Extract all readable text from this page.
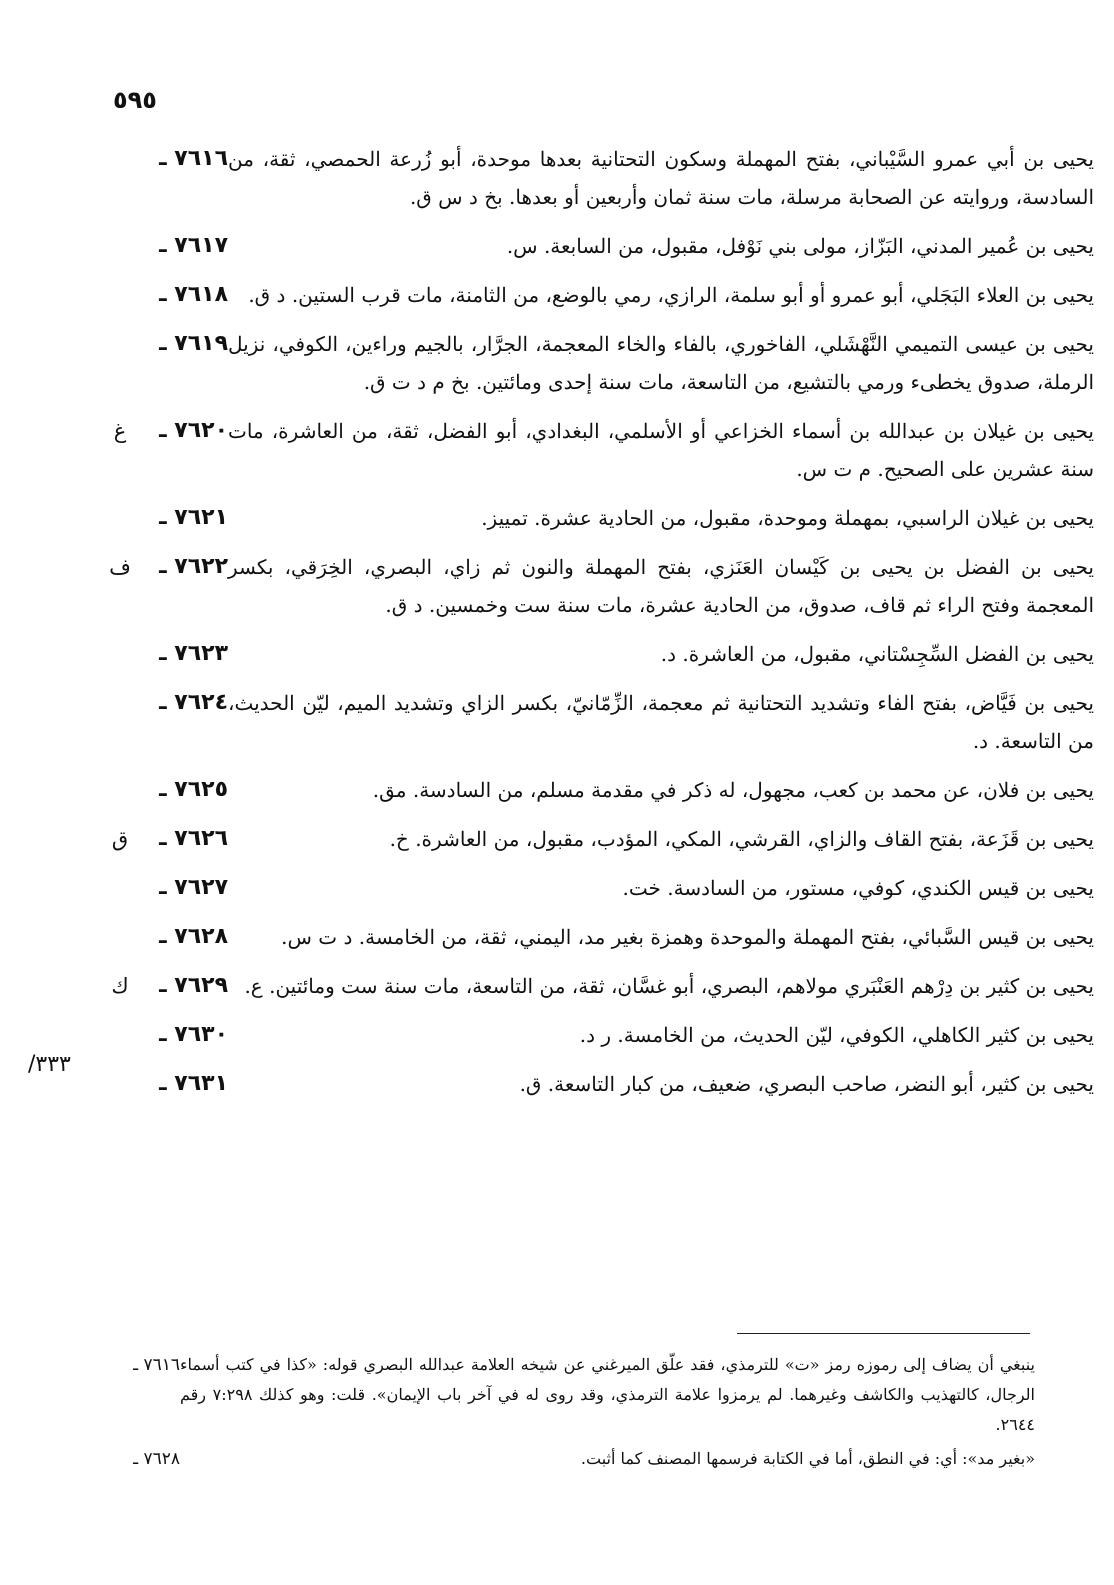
٥٩٥
٣٣٣/
٧٦١٦ ـ يحيى بن أبي عمرو السَّيْباني، بفتح المهملة وسكون التحتانية بعدها موحدة، أبو زُرعة الحمصي، ثقة، من السادسة، وروايته عن الصحابة مرسلة، مات سنة ثمان وأربعين أو بعدها. بخ د س ق.
٧٦١٧ ـ	يحيى بن عُمير المدني، البَزّاز، مولى بني نَوْفل، مقبول، من السابعة. س.
٧٦١٨ ـ	يحيى بن العلاء البَجَلي، أبو عمرو أو أبو سلمة، الرازي، رمي بالوضع، من الثامنة، مات قرب الستين. د ق.
٧٦١٩ ـ يحيى بن عيسى التميمي النَّهْشَلي، الفاخوري، بالفاء والخاء المعجمة، الجرَّار، بالجيم وراءين، الكوفي، نزيل الرملة، صدوق يخطىء ورمي بالتشيع، من التاسعة، مات سنة إحدى ومائتين. بخ م د ت ق.
غ	٧٦٢٠ ـ يحيى بن غيلان بن عبدالله بن أسماء الخزاعي أو الأسلمي، البغدادي، أبو الفضل، ثقة، من العاشرة، مات سنة عشرين على الصحيح. م ت س.
٧٦٢١ ـ	يحيى بن غيلان الراسبي، بمهملة وموحدة، مقبول، من الحادية عشرة. تمييز.
ف	٧٦٢٢ ـ يحيى بن الفضل بن يحيى بن كَيْسان العَنَزي، بفتح المهملة والنون ثم زاي، البصري، الخِرَقي، بكسر المعجمة وفتح الراء ثم قاف، صدوق، من الحادية عشرة، مات سنة ست وخمسين. د ق.
٧٦٢٣ ـ	يحيى بن الفضل السِّجِسْتاني، مقبول، من العاشرة. د.
٧٦٢٤ ـ يحيى بن فَيَّاض، بفتح الفاء وتشديد التحتانية ثم معجمة، الزِّمّانيّ، بكسر الزاي وتشديد الميم، ليّن الحديث، من التاسعة. د.
٧٦٢٥ ـ	يحيى بن فلان، عن محمد بن كعب، مجهول، له ذكر في مقدمة مسلم، من السادسة. مق.
ق	٧٦٢٦ ـ	يحيى بن قَزَعة، بفتح القاف والزاي، القرشي، المكي، المؤدب، مقبول، من العاشرة. خ.
٧٦٢٧ ـ	يحيى بن قيس الكندي، كوفي، مستور، من السادسة. خت.
٧٦٢٨ ـ	يحيى بن قيس السَّبائي، بفتح المهملة والموحدة وهمزة بغير مد، اليمني، ثقة، من الخامسة. د ت س.
ك	٧٦٢٩ ـ يحيى بن كثير بن دِرْهم العَنْبَري مولاهم، البصري، أبو غسَّان، ثقة، من التاسعة، مات سنة ست ومائتين. ع.
٧٦٣٠ ـ	يحيى بن كثير الكاهلي، الكوفي، ليّن الحديث، من الخامسة. ر د.
٧٦٣١ ـ	يحيى بن كثير، أبو النضر، صاحب البصري، ضعيف، من كبار التاسعة. ق.
٧٦١٦ ـ ينبغي أن يضاف إلى رموزه رمز «ت» للترمذي، فقد علّق الميرغني عن شيخه العلامة عبدالله البصري قوله: «كذا في كتب أسماء الرجال، كالتهذيب والكاشف وغيرهما. لم يرمزوا علامة الترمذي، وقد روى له في آخر باب الإيمان». قلت: وهو كذلك ٧:٢٩٨ رقم ٢٦٤٤.
٧٦٢٨ ـ	«بغير مد»: أي: في النطق، أما في الكتابة فرسمها المصنف كما أثبت.
